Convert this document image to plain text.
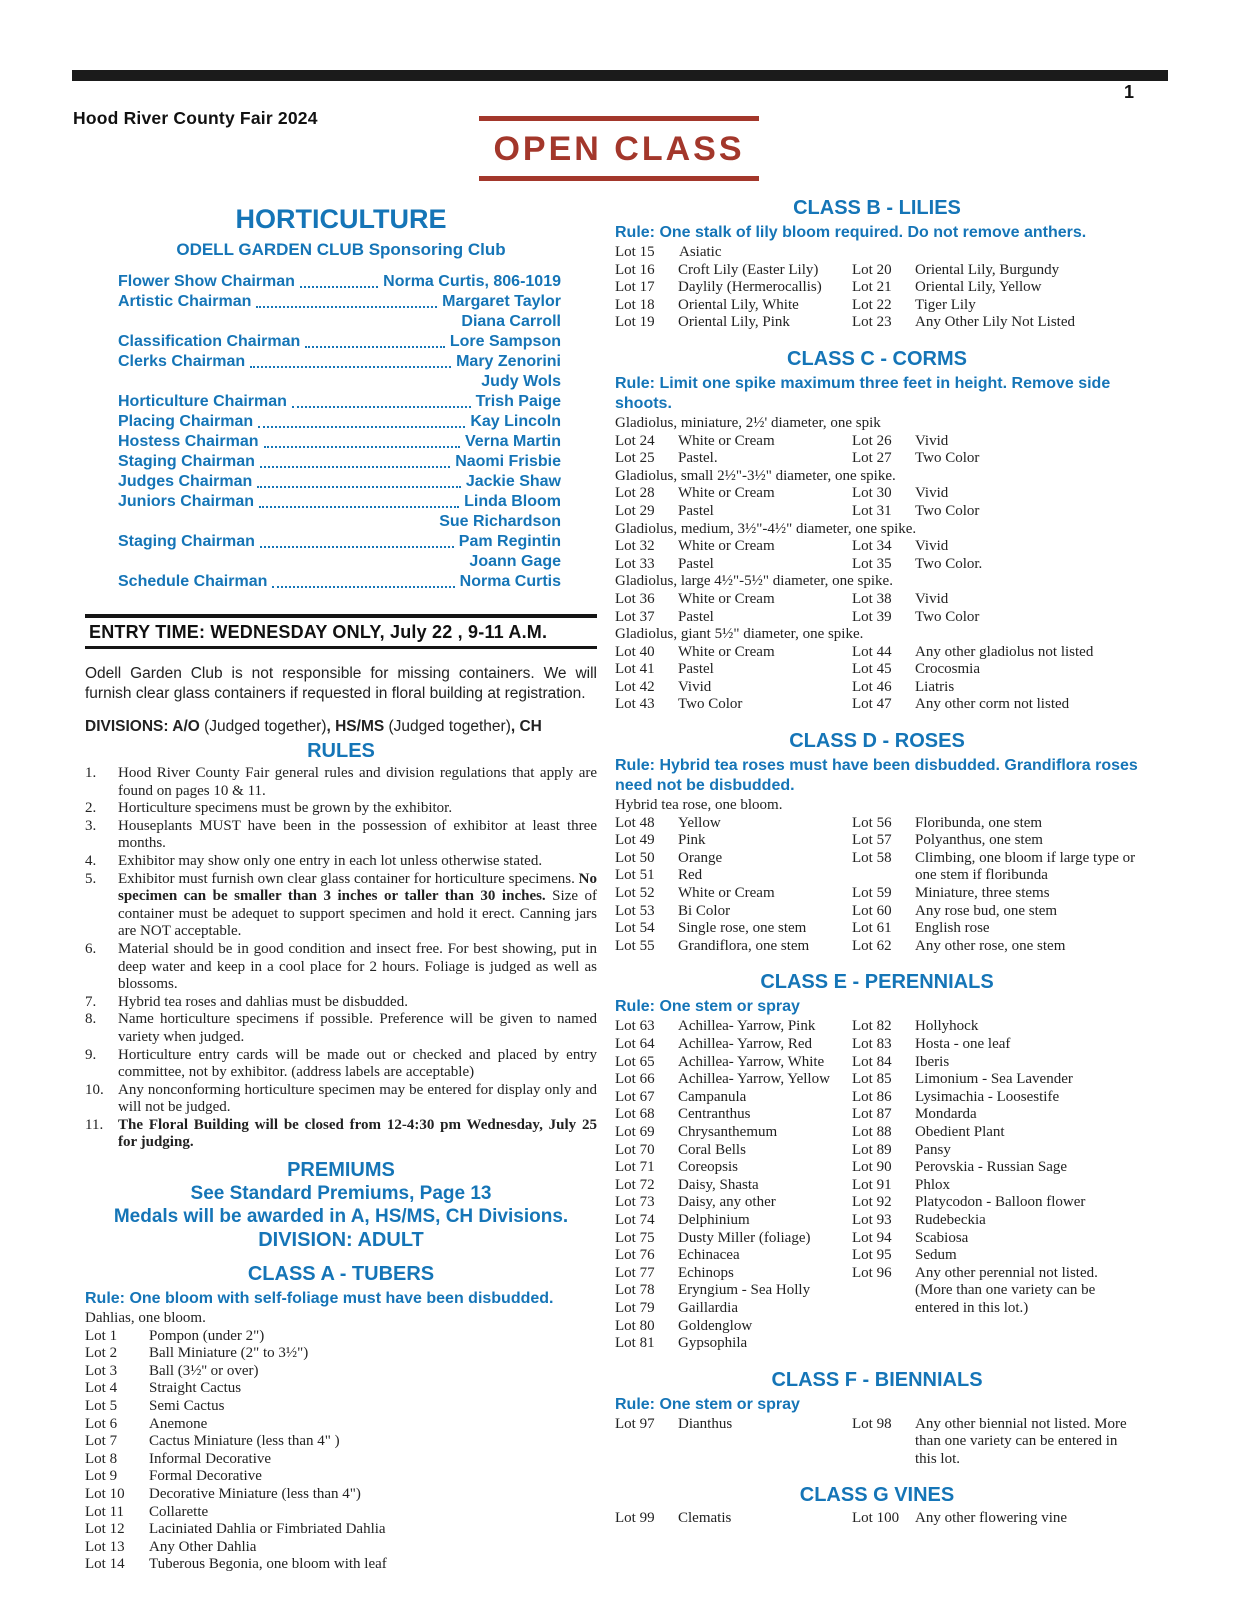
1
Hood River County Fair 2024
OPEN CLASS
HORTICULTURE
ODELL GARDEN CLUB Sponsoring Club
Flower Show Chairman	Norma Curtis, 806-1019
Artistic Chairman	Margaret Taylor
Diana Carroll
Classification Chairman	Lore Sampson
Clerks Chairman	Mary Zenorini
Judy Wols
Horticulture Chairman	Trish Paige
Placing Chairman	Kay Lincoln
Hostess Chairman	Verna Martin
Staging Chairman	Naomi Frisbie
Judges Chairman	Jackie Shaw
Juniors Chairman	Linda Bloom
Sue Richardson
Staging Chairman	Pam Regintin
Joann Gage
Schedule Chairman	Norma Curtis
ENTRY TIME: WEDNESDAY ONLY, July 22 , 9-11 A.M.

Odell Garden Club is not responsible for missing containers. We will furnish clear glass containers if requested in floral building at registration.

DIVISIONS: A/O (Judged together), HS/MS (Judged together), CH

RULES
1.	Hood River County Fair general rules and division regulations that apply are found on pages 10 & 11.
2.	Horticulture specimens must be grown by the exhibitor.
3.	Houseplants MUST have been in the possession of exhibitor at least three months.
4.	Exhibitor may show only one entry in each lot unless otherwise stated.
5.	Exhibitor must furnish own clear glass container for horticulture specimens. No specimen can be smaller than 3 inches or taller than 30 inches. Size of container must be adequet to support specimen and hold it erect. Canning jars are NOT acceptable.
6.	Material should be in good condition and insect free. For best showing, put in deep water and keep in a cool place for 2 hours. Foliage is judged as well as blossoms.
7.	Hybrid tea roses and dahlias must be disbudded.
8.	Name horticulture specimens if possible. Preference will be given to named variety when judged.
9.	Horticulture entry cards will be made out or checked and placed by entry committee, not by exhibitor. (address labels are acceptable)
10. Any nonconforming horticulture specimen may be entered for display only and will not be judged.
11. The Floral Building will be closed from 12-4:30 pm Wednesday, July 25 for judging.
PREMIUMS
See Standard Premiums, Page 13
Medals will be awarded in A, HS/MS, CH Divisions.
DIVISION: ADULT
CLASS A - TUBERS
Rule: One bloom with self-foliage must have been disbudded.
Dahlias, one bloom.
Lot 1	Pompon (under 2")
Lot 2	Ball Miniature (2" to 3½")
Lot 3	Ball (3½'' or over)
Lot 4	Straight Cactus
Lot 5	Semi Cactus
Lot 6	Anemone
Lot 7	Cactus Miniature (less than 4" )
Lot 8	Informal Decorative
Lot 9	Formal Decorative
Lot 10	Decorative Miniature (less than 4")
Lot 11	Collarette
Lot 12	Laciniated Dahlia or Fimbriated Dahlia
Lot 13	Any Other Dahlia
Lot 14	Tuberous Begonia, one bloom with leaf
CLASS B - LILIES
Rule: One stalk of lily bloom required. Do not remove anthers.
Lot 15	Asiatic
Lot 16	Croft Lily (Easter Lily)
Lot 17	Daylily (Hermerocallis)
Lot 18	Oriental Lily, White
Lot 19	Oriental Lily, Pink
Lot 20	Oriental Lily, Burgundy
Lot 21	Oriental Lily, Yellow
Lot 22	Tiger Lily
Lot 23	Any Other Lily Not Listed
CLASS C - CORMS
Rule: Limit one spike maximum three feet in height. Remove side shoots.
Gladiolus, miniature, 2½' diameter, one spik
Lot 24	White or Cream
Lot 25	Pastel.
Lot 26	Vivid
Lot 27	Two Color
Gladiolus, small 2½"-3½" diameter, one spike.
Lot 28	White or Cream
Lot 29	Pastel
Lot 30	Vivid
Lot 31	Two Color
Gladiolus, medium, 3½"-4½" diameter, one spike.
Lot 32	White or Cream
Lot 33	Pastel
Lot 34	Vivid
Lot 35	Two Color.
Gladiolus, large 4½"-5½" diameter, one spike.
Lot 36	White or Cream
Lot 37	Pastel
Lot 38	Vivid
Lot 39	Two Color
Gladiolus, giant 5½" diameter, one spike.
Lot 40	White or Cream
Lot 41	Pastel
Lot 42	Vivid
Lot 43	Two Color
Lot 44	Any other gladiolus not listed
Lot 45	Crocosmia
Lot 46	Liatris
Lot 47	Any other corm not listed
CLASS D - ROSES
Rule: Hybrid tea roses must have been disbudded. Grandiflora roses need not be disbudded.
Hybrid tea rose, one bloom.
Lot 48	Yellow
Lot 49	Pink
Lot 50	Orange
Lot 51	Red
Lot 52	White or Cream
Lot 53	Bi Color
Lot 54	Single rose, one stem
Lot 55	Grandiflora, one stem
Lot 56	Floribunda, one stem
Lot 57	Polyanthus, one stem
Lot 58	Climbing, one bloom if large type or one stem if floribunda
Lot 59	Miniature, three stems
Lot 60	Any rose bud, one stem
Lot 61	English rose
Lot 62	Any other rose, one stem
CLASS E - PERENNIALS
Rule: One stem or spray
Lot 63	Achillea- Yarrow, Pink
Lot 64	Achillea- Yarrow, Red
Lot 65	Achillea- Yarrow, White
Lot 66	Achillea- Yarrow, Yellow
Lot 67	Campanula
Lot 68	Centranthus
Lot 69	Chrysanthemum
Lot 70	Coral Bells
Lot 71	Coreopsis
Lot 72	Daisy, Shasta
Lot 73	Daisy, any other
Lot 74	Delphinium
Lot 75	Dusty Miller (foliage)
Lot 76	Echinacea
Lot 77	Echinops
Lot 78	Eryngium - Sea Holly
Lot 79	Gaillardia
Lot 80	Goldenglow
Lot 81	Gypsophila
Lot 82	Hollyhock
Lot 83	Hosta - one leaf
Lot 84	Iberis
Lot 85	Limonium - Sea Lavender
Lot 86	Lysimachia - Loosestife
Lot 87	Mondarda
Lot 88	Obedient Plant
Lot 89	Pansy
Lot 90	Perovskia - Russian Sage
Lot 91	Phlox
Lot 92	Platycodon - Balloon flower
Lot 93	Rudebeckia
Lot 94	Scabiosa
Lot 95	Sedum
Lot 96	Any other perennial not listed. (More than one variety can be entered in this lot.)
CLASS F - BIENNIALS
Rule: One stem or spray
Lot 97	Dianthus	Lot 98	Any other biennial not listed. More than one variety can be entered in this lot.
CLASS G VINES
Lot 99	Clematis	Lot 100	Any other flowering vine
